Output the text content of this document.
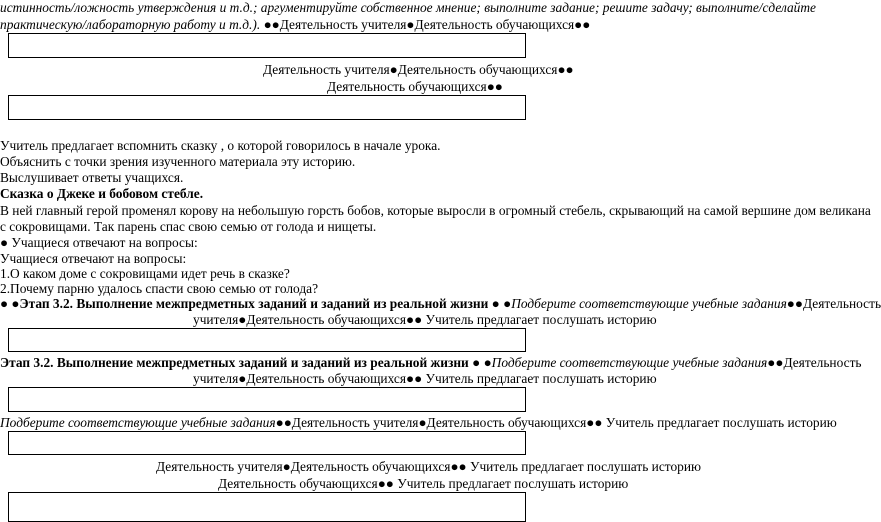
истинность/ложность утверждения и т.д.; аргументируйте собственное мнение; выполните задание; решите задачу; выполните/сделайте
практическую/лабораторную работу и т.д.). ●●Деятельность учителя●Деятельность обучающихся●●
Деятельность учителя●Деятельность обучающихся●●
Деятельность обучающихся●●
Учитель предлагает вспомнить сказку , о которой говорилось в начале урока.
Объяснить с точки зрения изученного материала эту историю.
Выслушивает ответы учащихся.
Сказка о Джеке и бобовом стебле.
В ней главный герой променял корову на небольшую горсть бобов, которые выросли в огромный стебель, скрывающий на самой вершине дом великана
с сокровищами. Так парень спас свою семью от голода и нищеты.
● Учащиеся отвечают на вопросы:
Учащиеся отвечают на вопросы:
1.О каком доме с сокровищами идет речь в сказке?
2.Почему парню удалось спасти свою семью от голода?
● ●Этап 3.2. Выполнение межпредметных заданий и заданий из реальной жизни ● ●Подберите соответствующие учебные задания●●Деятельность
учителя●Деятельность обучающихся●● Учитель предлагает послушать историю
Этап 3.2. Выполнение межпредметных заданий и заданий из реальной жизни ● ●Подберите соответствующие учебные задания●●Деятельность
учителя●Деятельность обучающихся●● Учитель предлагает послушать историю
Подберите соответствующие учебные задания●●Деятельность учителя●Деятельность обучающихся●● Учитель предлагает послушать историю
Деятельность учителя●Деятельность обучающихся●● Учитель предлагает послушать историю
Деятельность обучающихся●● Учитель предлагает послушать историю
